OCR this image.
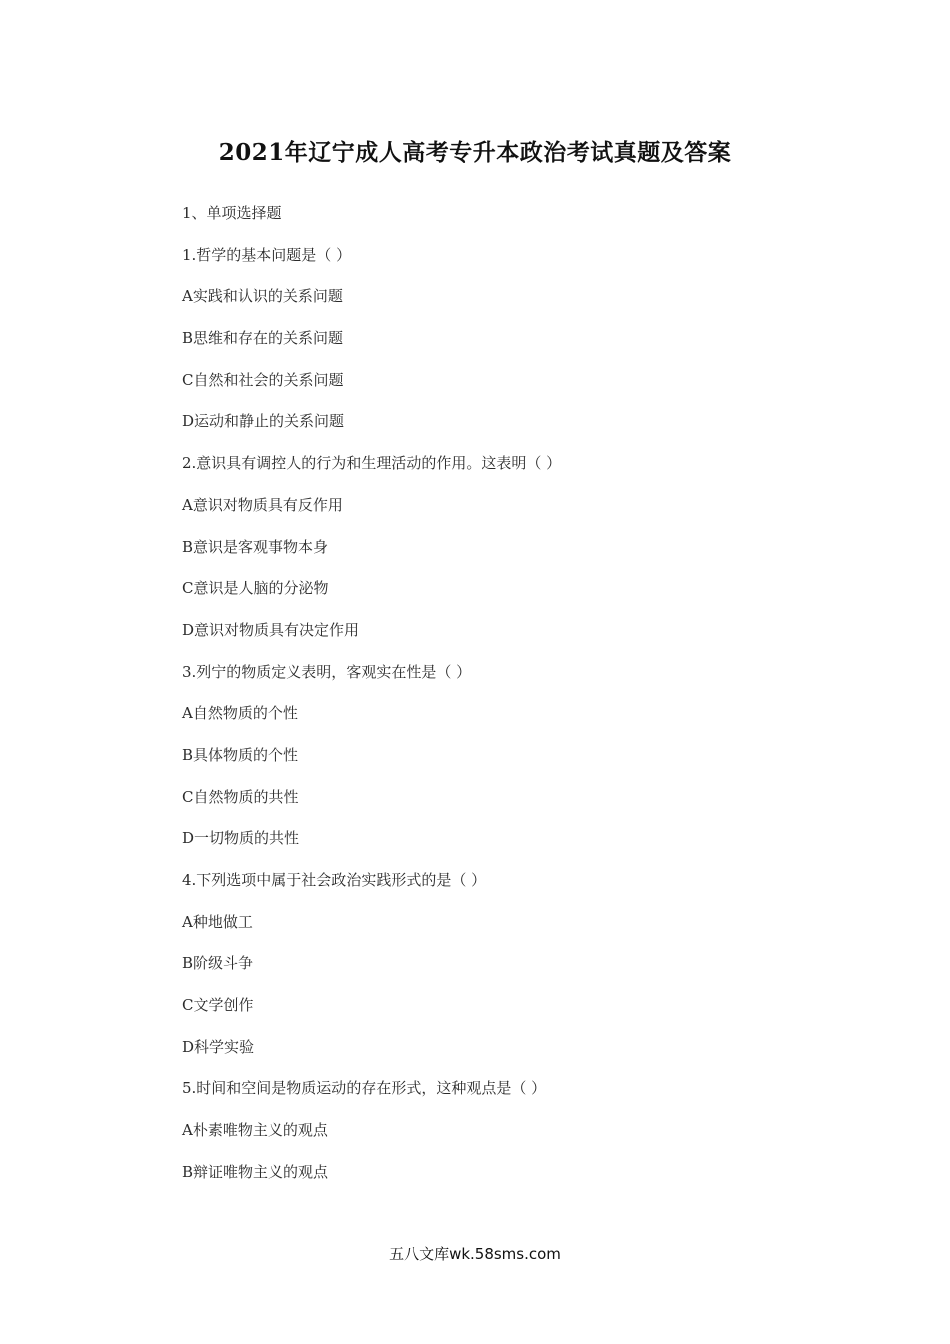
2021年辽宁成人高考专升本政治考试真题及答案
1、单项选择题
1.哲学的基本问题是（ ）
A实践和认识的关系问题
B思维和存在的关系问题
C自然和社会的关系问题
D运动和静止的关系问题
2.意识具有调控人的行为和生理活动的作用。这表明（ ）
A意识对物质具有反作用
B意识是客观事物本身
C意识是人脑的分泌物
D意识对物质具有决定作用
3.列宁的物质定义表明，客观实在性是（ ）
A自然物质的个性
B具体物质的个性
C自然物质的共性
D一切物质的共性
4.下列选项中属于社会政治实践形式的是（ ）
A种地做工
B阶级斗争
C文学创作
D科学实验
5.时间和空间是物质运动的存在形式，这种观点是（ ）
A朴素唯物主义的观点
B辩证唯物主义的观点
五八文库wk.58sms.com
